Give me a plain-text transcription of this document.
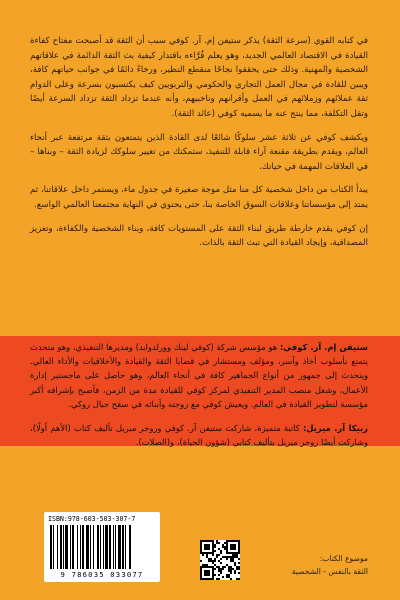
في كتابه القوي (سرعة الثقة) يذكر ستيفن إم. آر. كوفي سبب أن الثقة قد أصبحت مفتاح كفاءة القيادة في الاقتصاد العالمي الجديد، وهو يعلم قُرَّاءه باقتدار كيفية بث الثقة الدائمة في علاقاتهم الشخصية والمهنية. وذلك حتى يحققوا نجاحًا منقطع النظير، ورخاءً دائمًا في جوانب حياتهم كافة، ويبين للقادة في مجال العمل التجاري والحكومي والتربويين كيف يكتسبون بسرعة وعلى الدوام ثقة عملائهم وزملائهم في العمل وأقرانهم وناخبيهم، وأنه عندما تزداد الثقة تزداد السرعة أيضًا وتقل التكلفة، مما ينتج عنه ما يسميه كوفي (عائد الثقة).

ويكشف كوفي عن ثلاثة عشر سلوكًا شائعًا لدى القادة الذين يتمتعون بثقة مرتفعة عبر أنحاء العالم، ويقدم بطريقة مقنعة آراء قابلة للتنفيذ، ستمكنك من تغيير سلوكك لزيادة الثقة – وبناها – في العلاقات المهمة في حياتك.

يبدأ الكتاب من داخل شخصية كل منا مثل موجة صغيرة في جدول ماء، ويستمر داخل علاقاتنا، ثم يمتد إلى مؤسساتنا وعلاقات السوق الخاصة بنا، حتى يحتوي في النهاية مجتمعنا العالمي الواسع.

إن كوفي يقدم خارطة طريق لبناء الثقة على المستويات كافة، وبناء الشخصية والكفاءة، وتعزيز المصداقية، وإيجاد القيادة التي تبث الثقة بالذات.

ستيفن إم. آر. كوفي: هو مؤسس شركة (كوفي لينك وورلدوايد) ومديرها التنفيذي، وهو متحدث يتمتع بأسلوب أخاذ وآسر، ومؤلف ومستشار في قضايا الثقة والقيادة والأخلاقيات والأداء العالي. ويتحدث إلى جمهور من أنواع الجماهير كافة في أنحاء العالم، وهو حاصل على ماجستير إدارة الأعمال، وشغل منصب المدير التنفيذي لمركز كوفي للقيادة مدة من الزمن، فأصبح بإشرافه أكبر مؤسسة لتطوير القيادة في العالم. ويعيش كوفي مع زوجته وأبنائه في سفح جبال روكي.

ربيكا آر. ميريل: كاتبة متميزة، شاركت ستيفن آر. كوفي وروجر ميريل تأليف كتاب (الأهم أولًا)، وشاركت أيضًا روجر ميريل بتأليف كتابي (شؤون الحياة)، و(الصلات).

ISBN:978-603-503-307-7
9 786035 033077
موضوع الكتاب:
الثقة بالنفس - الشخصية
